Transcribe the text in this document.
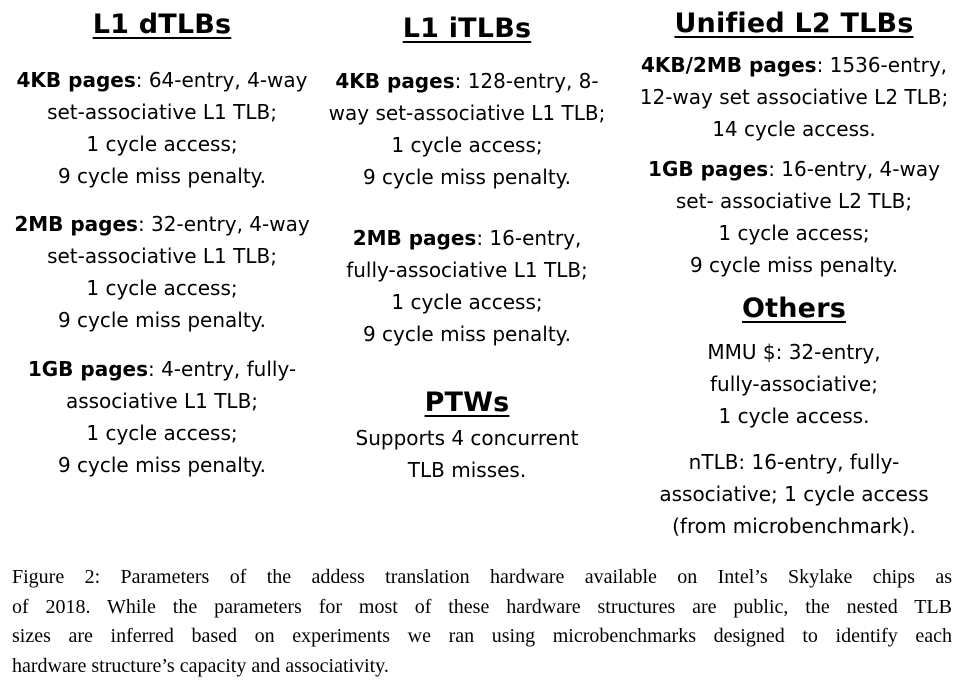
L1 dTLBs
4KB pages: 64-entry, 4-way
set-associative L1 TLB;
1 cycle access;
9 cycle miss penalty.
2MB pages: 32-entry, 4-way
set-associative L1 TLB;
1 cycle access;
9 cycle miss penalty.
1GB pages: 4-entry, fully-
associative L1 TLB;
1 cycle access;
9 cycle miss penalty.
L1 iTLBs
4KB pages: 128-entry, 8-
way set-associative L1 TLB;
1 cycle access;
9 cycle miss penalty.
2MB pages: 16-entry,
fully-associative L1 TLB;
1 cycle access;
9 cycle miss penalty.
PTWs
Supports 4 concurrent
TLB misses.
Unified L2 TLBs
4KB/2MB pages: 1536-entry,
12-way set associative L2 TLB;
14 cycle access.
1GB pages: 16-entry, 4-way
set- associative L2 TLB;
1 cycle access;
9 cycle miss penalty.
Others
MMU $: 32-entry,
fully-associative;
1 cycle access.
nTLB: 16-entry, fully-
associative; 1 cycle access
(from microbenchmark).
Figure 2: Parameters of the addess translation hardware available on Intel’s Skylake chips as
of 2018. While the parameters for most of these hardware structures are public, the nested TLB
sizes are inferred based on experiments we ran using microbenchmarks designed to identify each
hardware structure’s capacity and associativity.
